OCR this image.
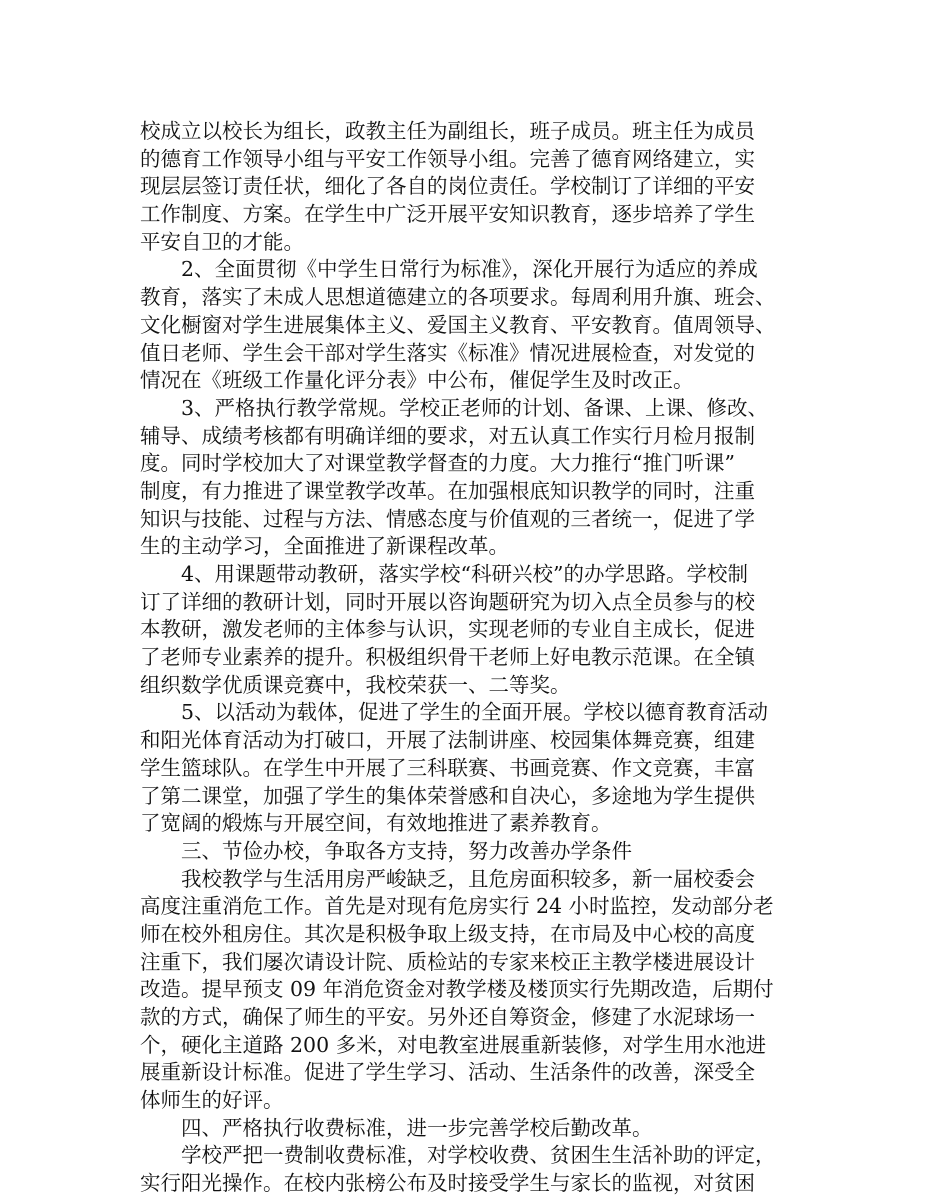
校成立以校长为组长，政教主任为副组长，班子成员。班主任为成员
的德育工作领导小组与平安工作领导小组。完善了德育网络建立，实
现层层签订责任状，细化了各自的岗位责任。学校制订了详细的平安
工作制度、方案。在学生中广泛开展平安知识教育，逐步培养了学生
平安自卫的才能。
　　2、全面贯彻《中学生日常行为标准》，深化开展行为适应的养成
教育，落实了未成人思想道德建立的各项要求。每周利用升旗、班会、
文化橱窗对学生进展集体主义、爱国主义教育、平安教育。值周领导、
值日老师、学生会干部对学生落实《标准》情况进展检查，对发觉的
情况在《班级工作量化评分表》中公布，催促学生及时改正。
　　3、严格执行教学常规。学校正老师的计划、备课、上课、修改、
辅导、成绩考核都有明确详细的要求，对五认真工作实行月检月报制
度。同时学校加大了对课堂教学督查的力度。大力推行“推门听课”
制度，有力推进了课堂教学改革。在加强根底知识教学的同时，注重
知识与技能、过程与方法、情感态度与价值观的三者统一，促进了学
生的主动学习，全面推进了新课程改革。
　　4、用课题带动教研，落实学校“科研兴校”的办学思路。学校制
订了详细的教研计划，同时开展以咨询题研究为切入点全员参与的校
本教研，激发老师的主体参与认识，实现老师的专业自主成长，促进
了老师专业素养的提升。积极组织骨干老师上好电教示范课。在全镇
组织数学优质课竞赛中，我校荣获一、二等奖。
　　5、以活动为载体，促进了学生的全面开展。学校以德育教育活动
和阳光体育活动为打破口，开展了法制讲座、校园集体舞竞赛，组建
学生篮球队。在学生中开展了三科联赛、书画竞赛、作文竞赛，丰富
了第二课堂，加强了学生的集体荣誉感和自决心，多途地为学生提供
了宽阔的煅炼与开展空间，有效地推进了素养教育。
　　三、节俭办校，争取各方支持，努力改善办学条件
　　我校教学与生活用房严峻缺乏，且危房面积较多，新一届校委会
高度注重消危工作。首先是对现有危房实行 24 小时监控，发动部分老
师在校外租房住。其次是积极争取上级支持，在市局及中心校的高度
注重下，我们屡次请设计院、质检站的专家来校正主教学楼进展设计
改造。提早预支 09 年消危资金对教学楼及楼顶实行先期改造，后期付
款的方式，确保了师生的平安。另外还自筹资金，修建了水泥球场一
个，硬化主道路 200 多米，对电教室进展重新装修，对学生用水池进
展重新设计标准。促进了学生学习、活动、生活条件的改善，深受全
体师生的好评。
　　四、严格执行收费标准，进一步完善学校后勤改革。
　　学校严把一费制收费标准，对学校收费、贫困生生活补助的评定，
实行阳光操作。在校内张榜公布及时接受学生与家长的监视，对贫困
